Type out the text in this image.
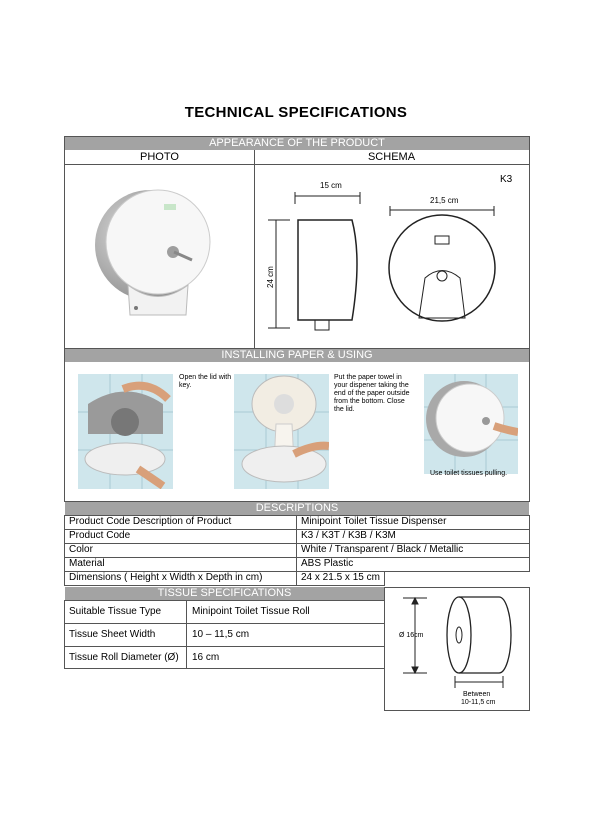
TECHNICAL SPECIFICATIONS
APPEARANCE OF THE PRODUCT
PHOTO	SCHEMA
15 cm
21,5 cm
24 cm
K3
INSTALLING PAPER & USING
Open the lid with key.
Put the paper towel in your dispener taking the end of the paper outside from the bottom. Close the lid.
Use toilet tissues pulling.
DESCRIPTIONS
Product Code Description of Product	Minipoint Toilet Tissue Dispenser
Product Code	K3 / K3T / K3B / K3M
Color	White / Transparent / Black / Metallic
Material	ABS Plastic
Dimensions ( Height x Width x Depth in cm)	24 x 21.5 x 15 cm
TISSUE SPECIFICATIONS
Suitable Tissue Type	Minipoint Toilet Tissue Roll
Tissue Sheet Width	10 – 11,5 cm
Tissue Roll Diameter (Ø) 16 cm
Ø 16cm
Between
10-11,5 cm
